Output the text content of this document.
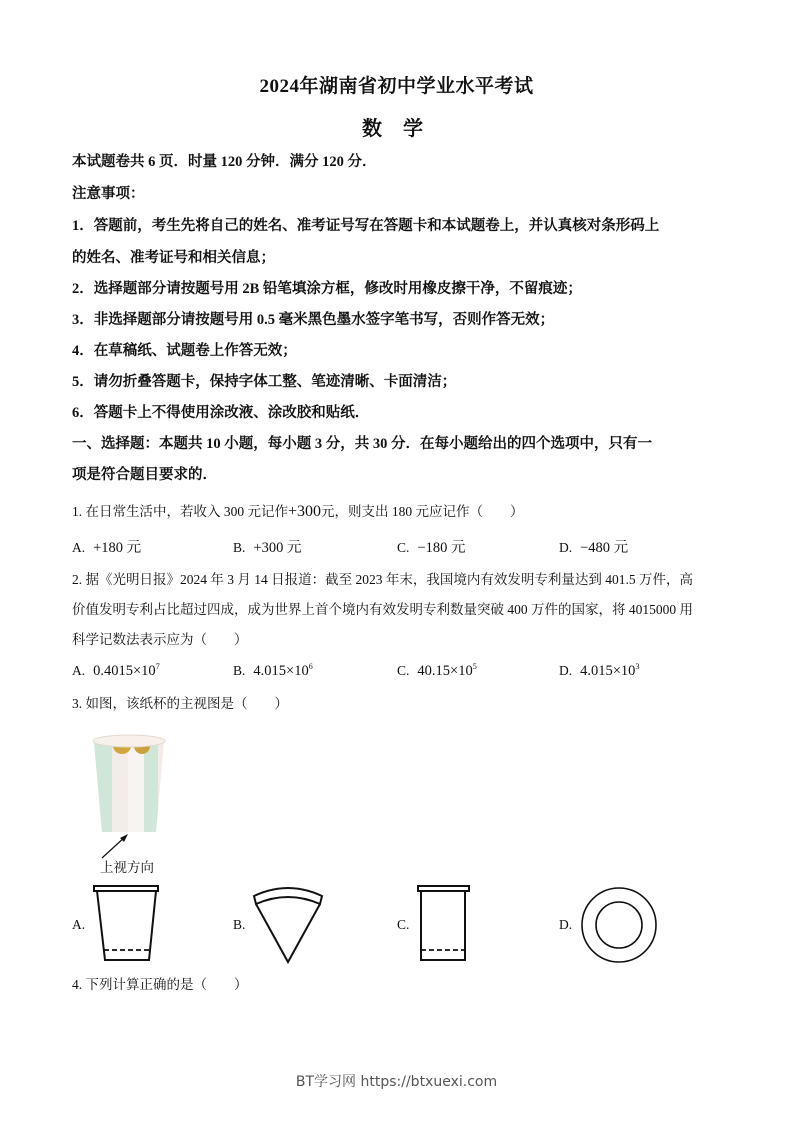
2024年湖南省初中学业水平考试
数 学
本试题卷共 6 页．时量 120 分钟．满分 120 分．
注意事项：
1．答题前，考生先将自己的姓名、准考证号写在答题卡和本试题卷上，并认真核对条形码上
的姓名、准考证号和相关信息；
2．选择题部分请按题号用 2B 铅笔填涂方框，修改时用橡皮擦干净，不留痕迹；
3．非选择题部分请按题号用 0.5 毫米黑色墨水签字笔书写，否则作答无效；
4．在草稿纸、试题卷上作答无效；
5．请勿折叠答题卡，保持字体工整、笔迹清晰、卡面清洁；
6．答题卡上不得使用涂改液、涂改胶和贴纸．
一、选择题：本题共 10 小题，每小题 3 分，共 30 分．在每小题给出的四个选项中，只有一
项是符合题目要求的．
1. 在日常生活中，若收入 300 元记作+300元，则支出 180 元应记作（　　）
A. +180 元	B. +300 元	C. −180 元	D. −480 元
2. 据《光明日报》2024 年 3 月 14 日报道：截至 2023 年末，我国境内有效发明专利量达到 401.5 万件，高
价值发明专利占比超过四成，成为世界上首个境内有效发明专利数量突破 400 万件的国家，将 4015000 用
科学记数法表示应为（　　）
A. $0.4015\times 10^7$	B. $4.015\times 10^6$	C. $40.15\times 10^5$	D. $4.015\times 10^3$
3. 如图，该纸杯的主视图是（　　）
上视方向
A.	B.	C.	D.
4. 下列计算正确的是（　　）
BT学习网 https://btxuexi.com
